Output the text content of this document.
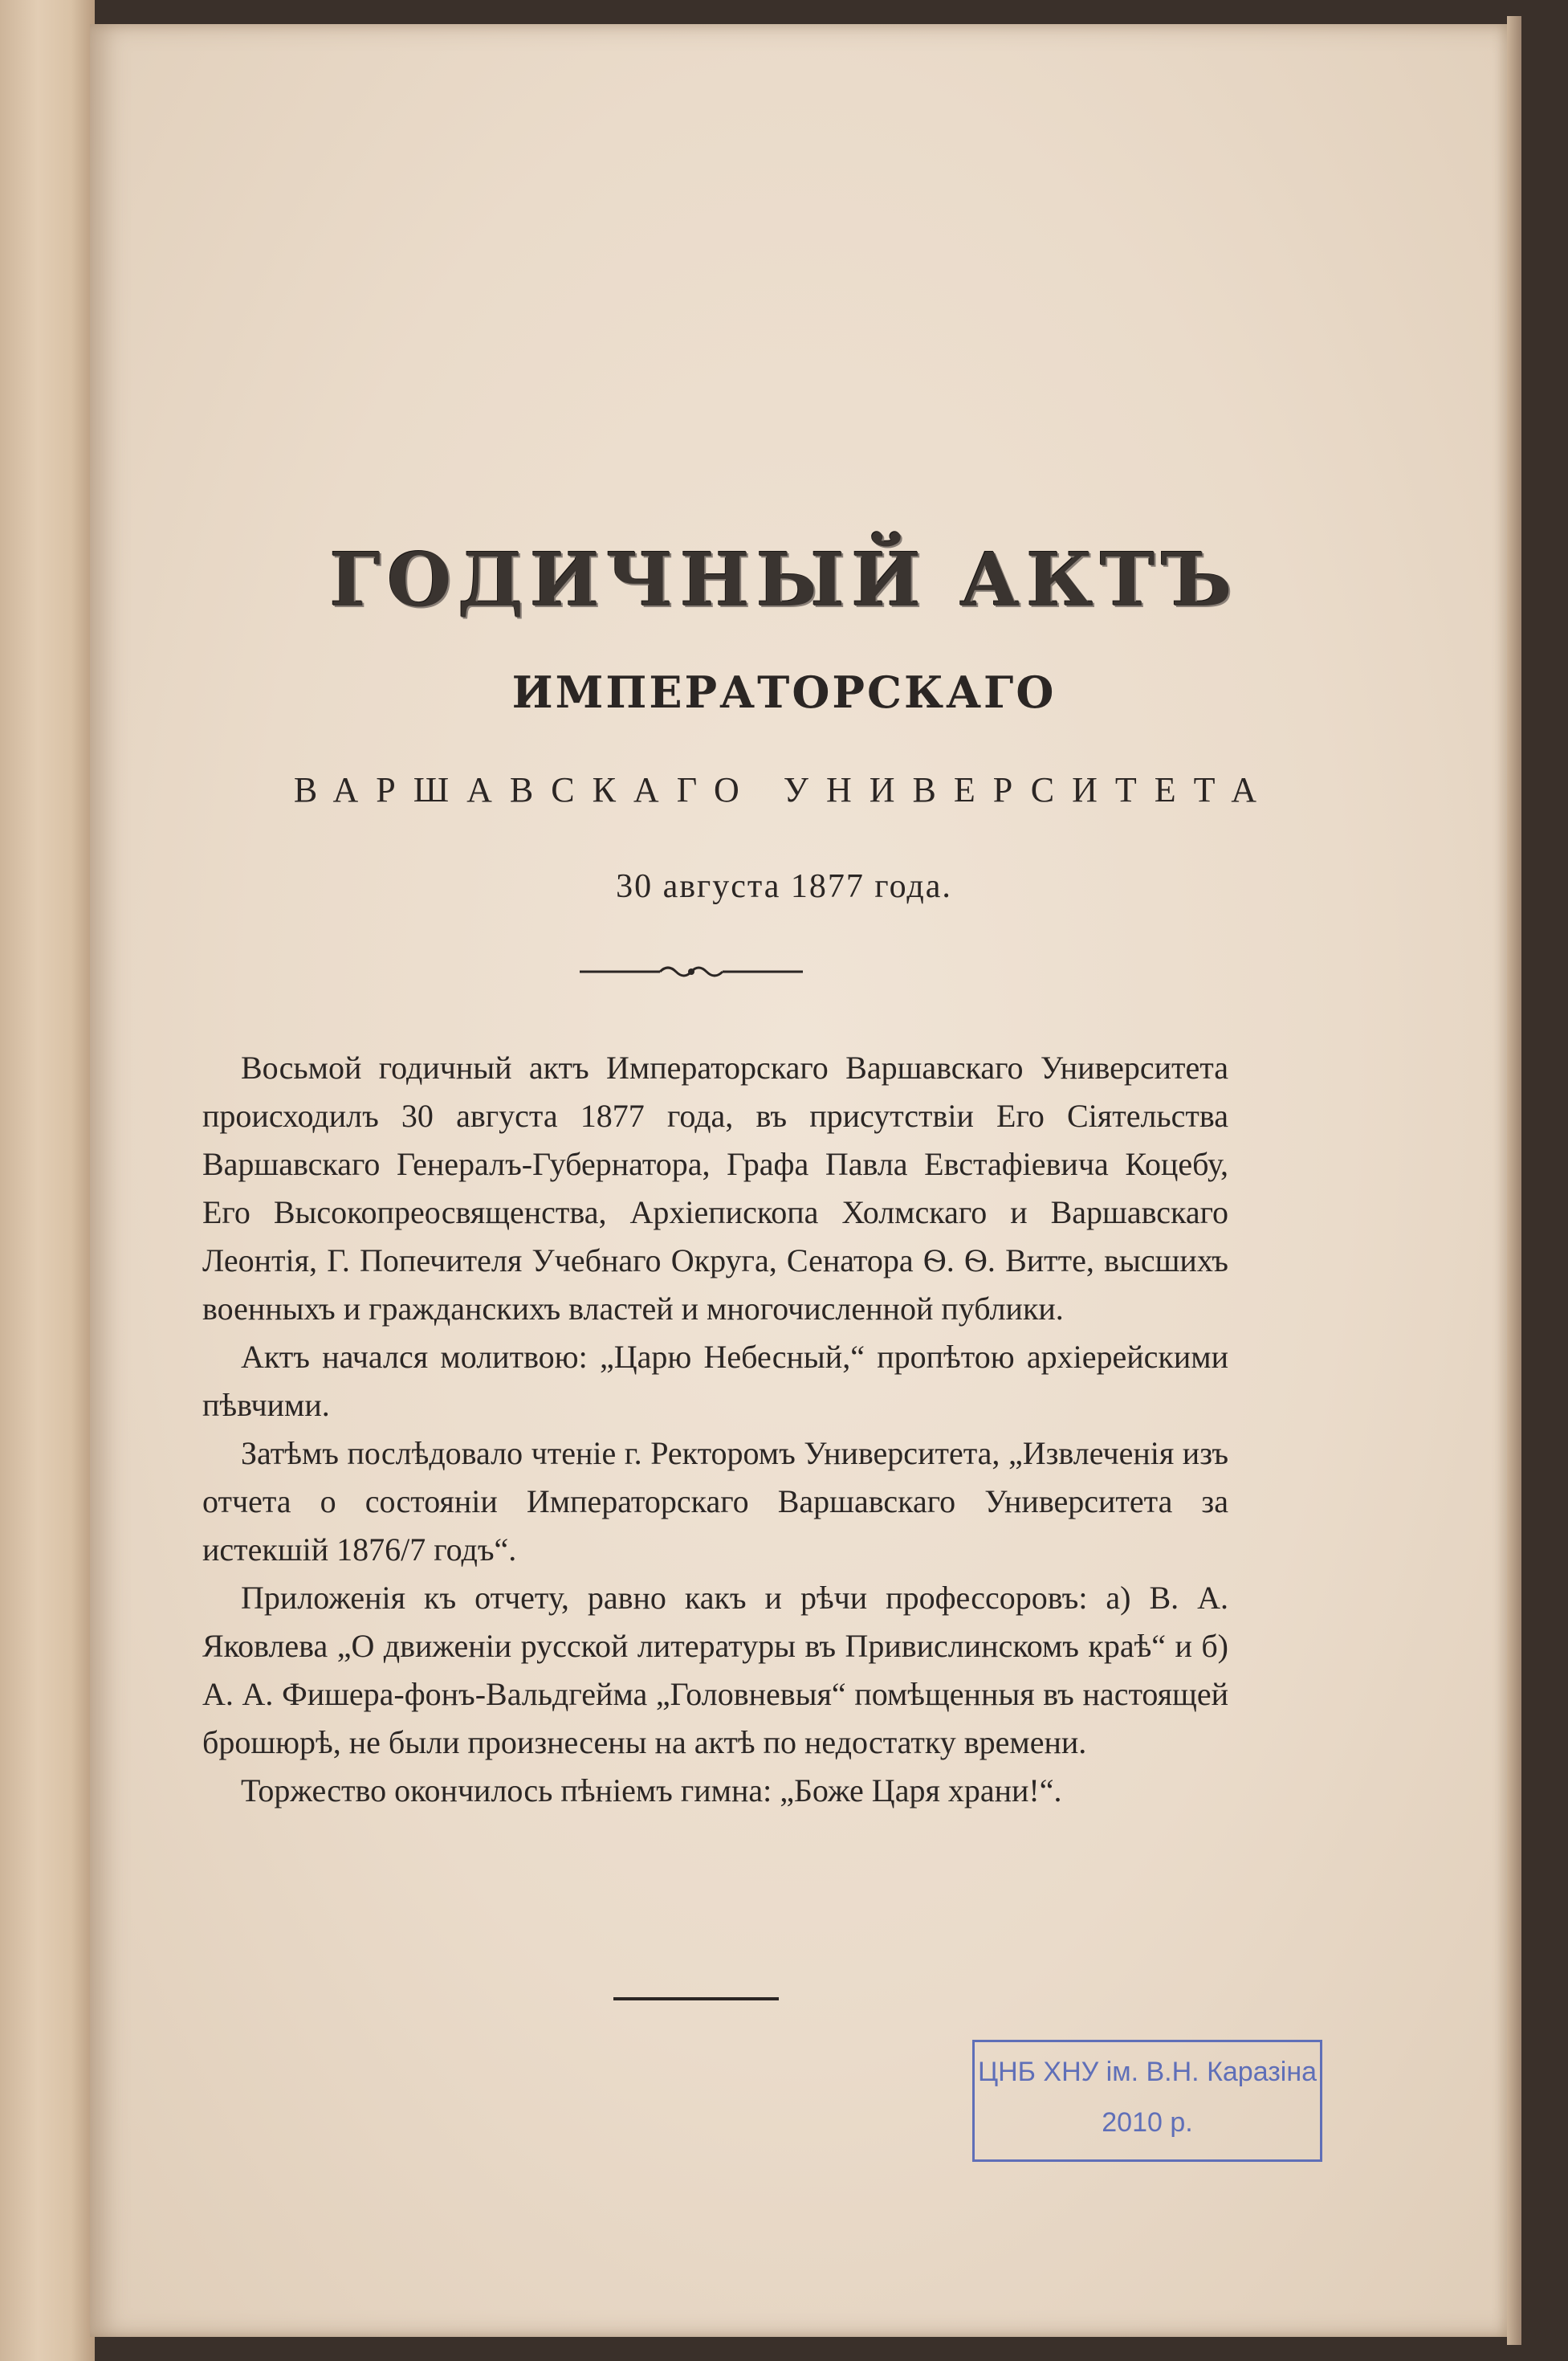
ГОДИЧНЫЙ АКТЪ
ИМПЕРАТОРСКАГО
ВАРШАВСКАГО УНИВЕРСИТЕТА
30 августа 1877 года.

Восьмой годичный актъ Императорскаго Варшавскаго Университета происходилъ 30 августа 1877 года, въ присутствіи Его Сіятельства Варшавскаго Генералъ-Губернатора, Графа Павла Евстафіевича Коцебу, Его Высокопреосвященства, Архіепископа Холмскаго и Варшавскаго Леонтія, Г. Попечителя Учебнаго Округа, Сенатора Ѳ. Ѳ. Витте, высшихъ военныхъ и гражданскихъ властей и многочисленной публики.

Актъ начался молитвою: „Царю Небесный,“ пропѣтою архіерейскими пѣвчими.

Затѣмъ послѣдовало чтеніе г. Ректоромъ Университета, „Извлеченія изъ отчета о состояніи Императорскаго Варшавскаго Университета за истекшій 1876/7 годъ“.

Приложенія къ отчету, равно какъ и рѣчи профессоровъ: а) В. А. Яковлева „О движеніи русской литературы въ Привислинскомъ краѣ“ и б) А. А. Фишера-фонъ-Вальдгейма „Головневыя“ помѣщенныя въ настоящей брошюрѣ, не были произнесены на актѣ по недостатку времени.

Торжество окончилось пѣніемъ гимна: „Боже Царя храни!“.

ЦНБ ХНУ ім. В.Н. Каразіна
2010 р.
